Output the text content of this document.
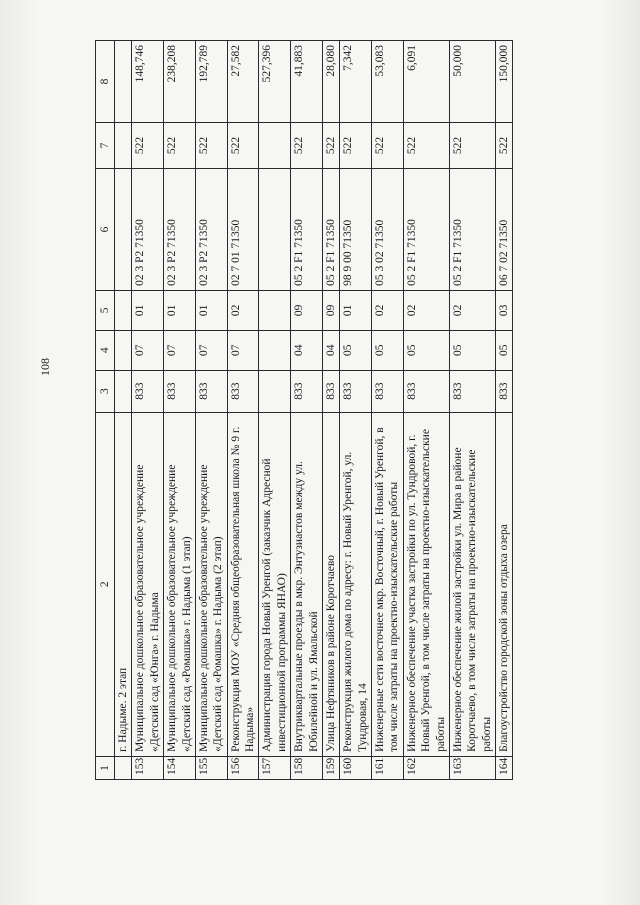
108
1	2	3	4	5	6	7	8
	г. Надыме. 2 этап						
153	Муниципальное дошкольное образовательное учреждение «Детский сад «Юнга» г. Надыма	833	07	01	02 3 Р2 71350	522	148,746
154	Муниципальное дошкольное образовательное учреждение «Детский сад «Ромашка» г. Надыма (1 этап)	833	07	01	02 3 Р2 71350	522	238,208
155	Муниципальное дошкольное образовательное учреждение «Детский сад «Ромашка» г. Надыма (2 этап)	833	07	01	02 3 Р2 71350	522	192,789
156	Реконструкция МОУ «Средняя общеобразовательная школа № 9 г. Надыма»	833	07	02	02 7 01 71350	522	27,582
157	Администрация города Новый Уренгой (заказчик Адресной инвестиционной программы ЯНАО)						527,396
158	Внутриквартальные проезды в мкр. Энтузиастов между ул. Юбилейной и ул. Ямальской	833	04	09	05 2 F1 71350	522	41,883
159	Улица Нефтяников в районе Коротчаево	833	04	09	05 2 F1 71350	522	28,080
160	Реконструкция жилого дома по адресу: г. Новый Уренгой, ул. Тундровая, 14	833	05	01	98 9 00 71350	522	7,342
161	Инженерные сети восточнее мкр. Восточный, г. Новый Уренгой, в том числе затраты на проектно-изыскательские работы	833	05	02	05 3 02 71350	522	53,083
162	Инженерное обеспечение участка застройки по ул. Тундровой, г. Новый Уренгой, в том числе затраты на проектно-изыскательские работы	833	05	02	05 2 F1 71350	522	6,091
163	Инженерное обеспечение жилой застройки ул. Мира в районе Коротчаево, в том числе затраты на проектно-изыскательские работы	833	05	02	05 2 F1 71350	522	50,000
164	Благоустройство городской зоны отдыха озера	833	05	03	06 7 02 71350	522	150,000
